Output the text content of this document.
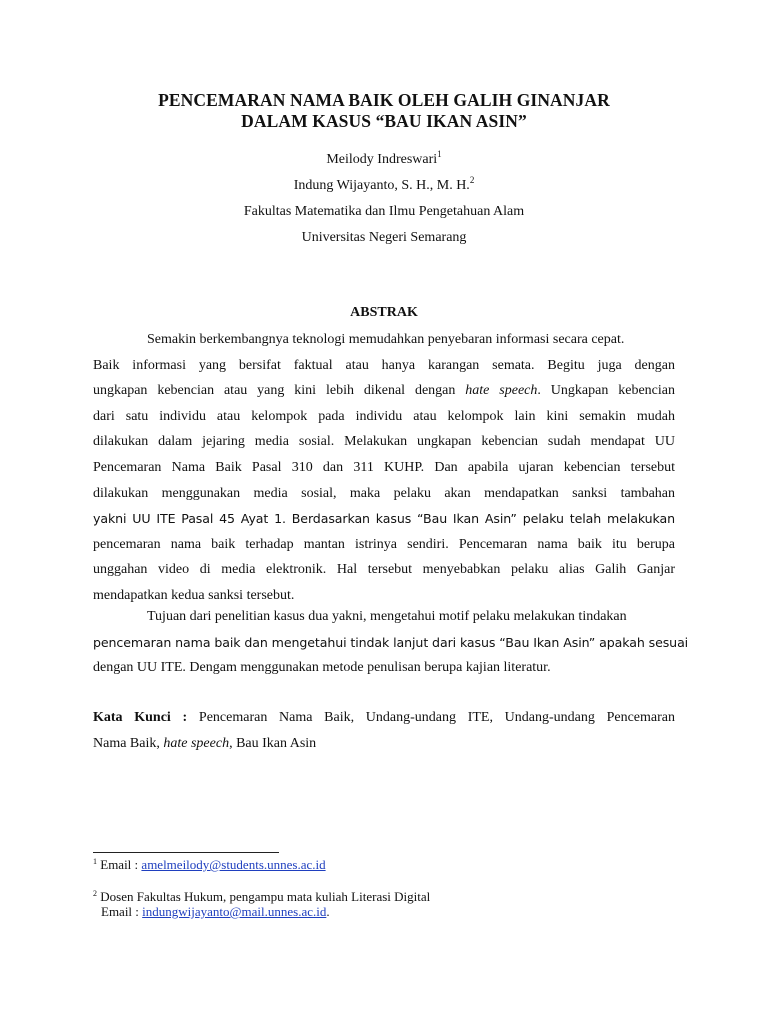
PENCEMARAN NAMA BAIK OLEH GALIH GINANJAR
DALAM KASUS “BAU IKAN ASIN”
Meilody Indreswari$^1$
Indung Wijayanto, S. H., M. H.$^2$
Fakultas Matematika dan Ilmu Pengetahuan Alam
Universitas Negeri Semarang
ABSTRAK
Semakin berkembangnya teknologi memudahkan penyebaran informasi secara cepat.
Baik informasi yang bersifat faktual atau hanya karangan semata. Begitu juga dengan
ungkapan kebencian atau yang kini lebih dikenal dengan hate speech. Ungkapan kebencian
dari satu individu atau kelompok pada individu atau kelompok lain kini semakin mudah
dilakukan dalam jejaring media sosial. Melakukan ungkapan kebencian sudah mendapat UU
Pencemaran Nama Baik Pasal 310 dan 311 KUHP. Dan apabila ujaran kebencian tersebut
dilakukan menggunakan media sosial, maka pelaku akan mendapatkan sanksi tambahan
yakni UU ITE Pasal 45 Ayat 1. Berdasarkan kasus “Bau Ikan Asin” pelaku telah melakukan
pencemaran nama baik terhadap mantan istrinya sendiri. Pencemaran nama baik itu berupa
unggahan video di media elektronik. Hal tersebut menyebabkan pelaku alias Galih Ganjar
mendapatkan kedua sanksi tersebut.
Tujuan dari penelitian kasus dua yakni, mengetahui motif pelaku melakukan tindakan
pencemaran nama baik dan mengetahui tindak lanjut dari kasus “Bau Ikan Asin” apakah sesuai
dengan UU ITE. Dengam menggunakan metode penulisan berupa kajian literatur.
Kata Kunci : Pencemaran Nama Baik, Undang-undang ITE, Undang-undang Pencemaran
Nama Baik, hate speech, Bau Ikan Asin
$^1$ Email : amelmeilody@students.unnes.ac.id
$^2$ Dosen Fakultas Hukum, pengampu mata kuliah Literasi Digital
Email : indungwijayanto@mail.unnes.ac.id.
